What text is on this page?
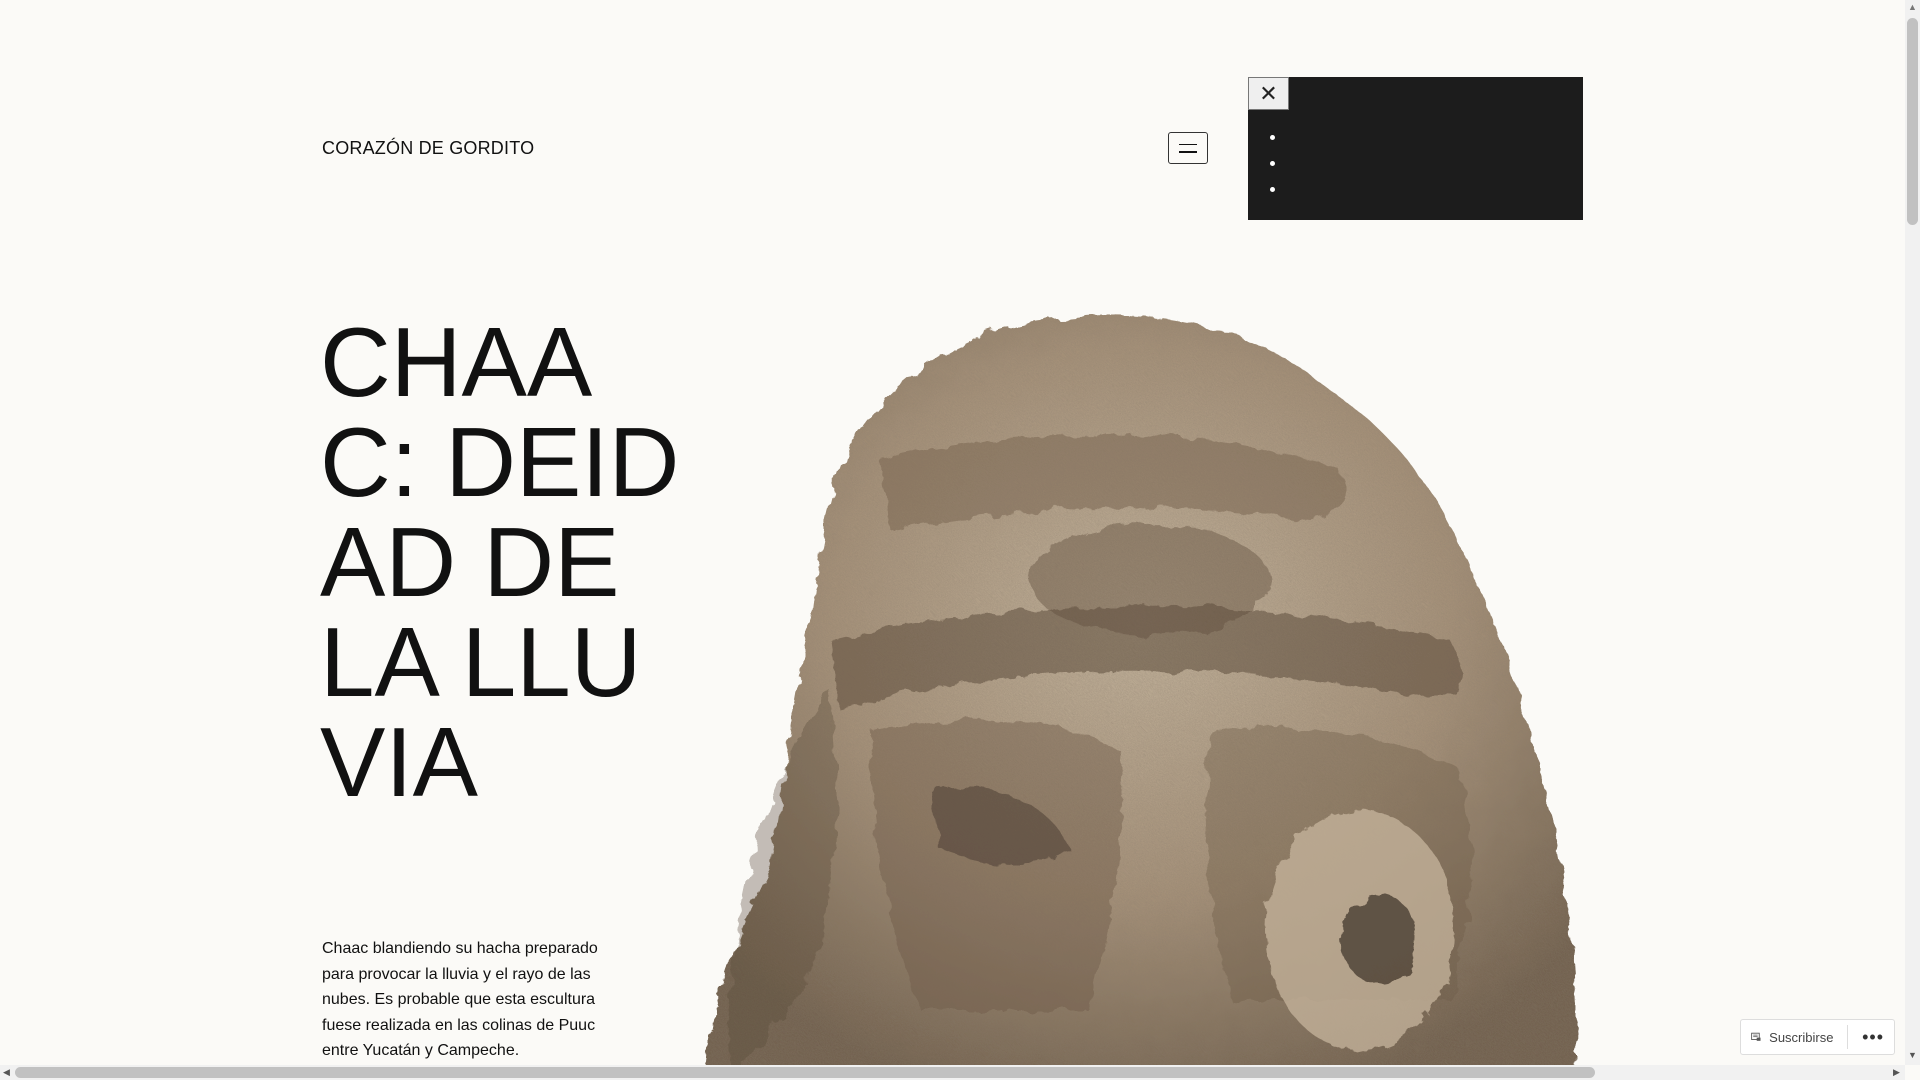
CORAZÓN DE GORDITO
✕
CHAAC: DEIDAD DE LA LLUVIA

Chaac blandiendo su hacha preparado para provocar la lluvia y el rayo de las nubes. Es probable que esta escultura fuese realizada en las colinas de Puuc entre Yucatán y Campeche.

▲
▼
◀	▶
Suscribirse •••
